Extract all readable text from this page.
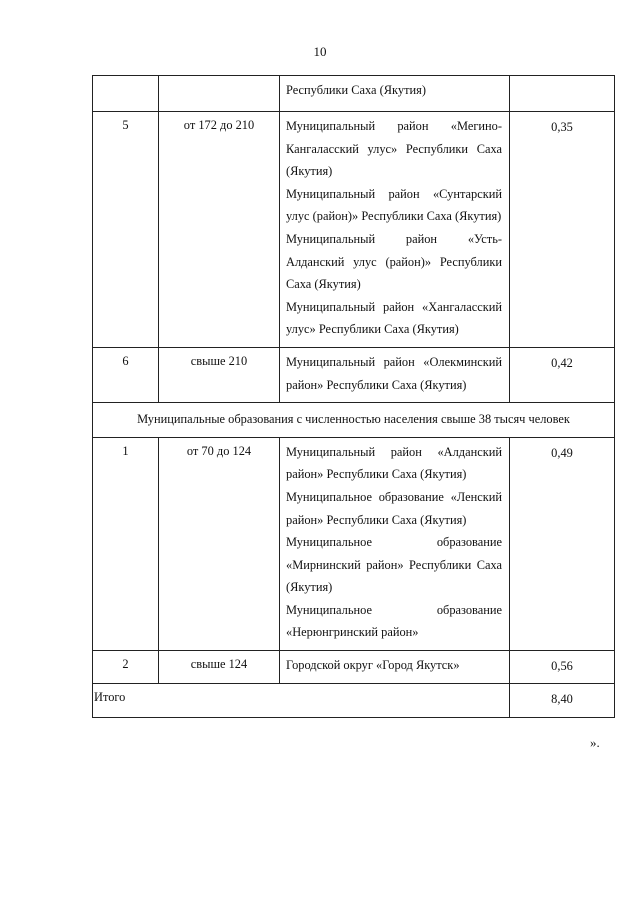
10
		Республики Саха (Якутия)	
5	от 172 до 210	Муниципальный район «Мегино-Кангаласский улус» Республики Саха (Якутия)
Муниципальный район «Сунтарский улус (район)» Республики Саха (Якутия)
Муниципальный район «Усть-Алданский улус (район)» Республики Саха (Якутия)
Муниципальный район «Хангаласский улус» Республики Саха (Якутия)	0,35
6	свыше 210	Муниципальный район «Олекминский район» Республики Саха (Якутия)	0,42
Муниципальные образования с численностью населения свыше 38 тысяч человек			
1	от 70 до 124	Муниципальный район «Алданский район» Республики Саха (Якутия)
Муниципальное образование «Ленский район» Республики Саха (Якутия)
Муниципальное образование «Мирнинский район» Республики Саха (Якутия)
Муниципальное образование «Нерюнгринский район»	0,49
2	свыше 124	Городской округ «Город Якутск»	0,56
Итого			8,40
».
